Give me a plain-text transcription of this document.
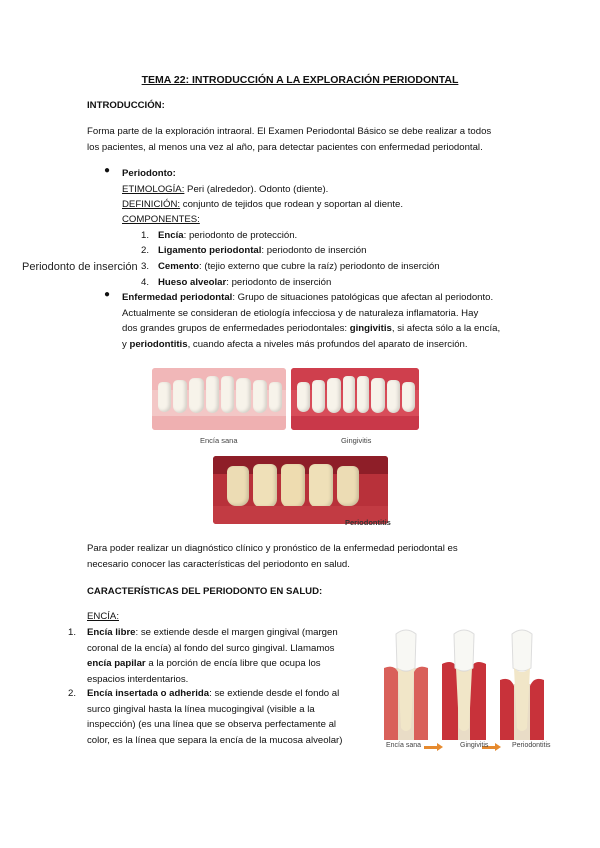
TEMA 22: INTRODUCCIÓN A LA EXPLORACIÓN PERIODONTAL
INTRODUCCIÓN:
Forma parte de la exploración intraoral. El Examen Periodontal Básico se debe realizar a todos
los pacientes, al menos una vez al año, para detectar pacientes con enfermedad periodontal.
● Periodonto:
ETIMOLOGÍA: Peri (alrededor). Odonto (diente).
DEFINICIÓN: conjunto de tejidos que rodean y soportan al diente.
COMPONENTES:
1. Encía: periodonto de protección.
2. Ligamento periodontal: periodonto de inserción
3. Cemento: (tejio externo que cubre la raíz) periodonto de inserción
4. Hueso alveolar: periodonto de inserción
Periodonto de inserción
● Enfermedad periodontal: Grupo de situaciones patológicas que afectan al periodonto.
Actualmente se consideran de etiología infecciosa y de naturaleza inflamatoria. Hay
dos grandes grupos de enfermedades periodontales: gingivitis, si afecta sólo a la encía,
y periodontitis, cuando afecta a niveles más profundos del aparato de inserción.
Encía sana	Gingivitis
Periodontitis
Para poder realizar un diagnóstico clínico y pronóstico de la enfermedad periodontal es
necesario conocer las características del periodonto en salud.
CARACTERÍSTICAS DEL PERIODONTO EN SALUD:
ENCÍA:
1. Encía libre: se extiende desde el margen gingival (margen
coronal de la encía) al fondo del surco gingival. Llamamos
encía papilar a la porción de encía libre que ocupa los
espacios interdentarios.
2. Encía insertada o adherida: se extiende desde el fondo al
surco gingival hasta la línea mucogingival (visible a la
inspección) (es una línea que se observa perfectamente al
color, es la línea que separa la encía de la mucosa alveolar)	Encía sana	Gingivitis	Periodontitis
